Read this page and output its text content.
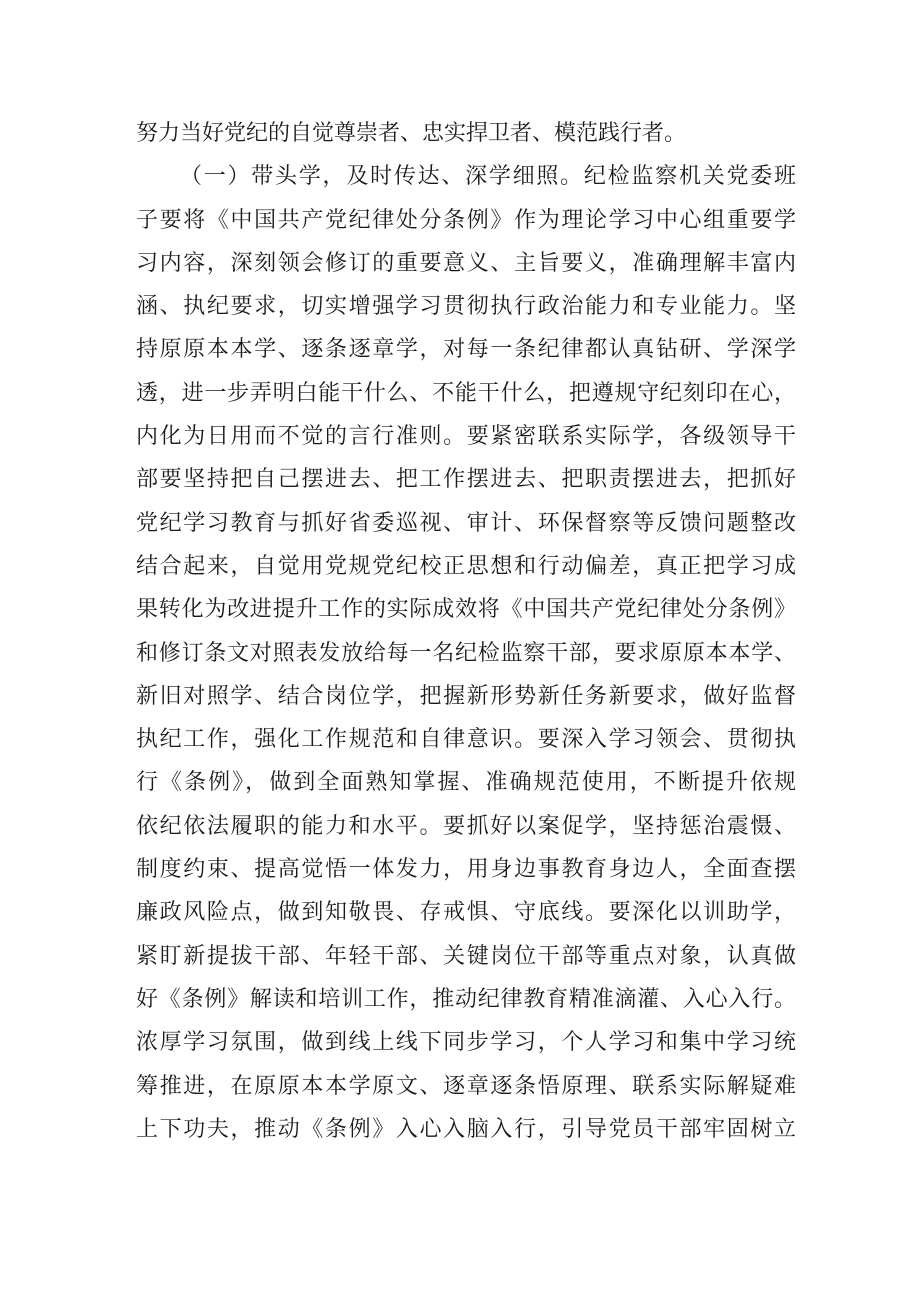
努力当好党纪的自觉尊崇者、忠实捍卫者、模范践行者。
（一）带头学，及时传达、深学细照。纪检监察机关党委班
子要将《中国共产党纪律处分条例》作为理论学习中心组重要学
习内容，深刻领会修订的重要意义、主旨要义，准确理解丰富内
涵、执纪要求，切实增强学习贯彻执行政治能力和专业能力。坚
持原原本本学、逐条逐章学，对每一条纪律都认真钻研、学深学
透，进一步弄明白能干什么、不能干什么，把遵规守纪刻印在心，
内化为日用而不觉的言行准则。要紧密联系实际学，各级领导干
部要坚持把自己摆进去、把工作摆进去、把职责摆进去，把抓好
党纪学习教育与抓好省委巡视、审计、环保督察等反馈问题整改
结合起来，自觉用党规党纪校正思想和行动偏差，真正把学习成
果转化为改进提升工作的实际成效将《中国共产党纪律处分条例》
和修订条文对照表发放给每一名纪检监察干部，要求原原本本学、
新旧对照学、结合岗位学，把握新形势新任务新要求，做好监督
执纪工作，强化工作规范和自律意识。要深入学习领会、贯彻执
行《条例》，做到全面熟知掌握、准确规范使用，不断提升依规
依纪依法履职的能力和水平。要抓好以案促学，坚持惩治震慑、
制度约束、提高觉悟一体发力，用身边事教育身边人，全面查摆
廉政风险点，做到知敬畏、存戒惧、守底线。要深化以训助学，
紧盯新提拔干部、年轻干部、关键岗位干部等重点对象，认真做
好《条例》解读和培训工作，推动纪律教育精准滴灌、入心入行。
浓厚学习氛围，做到线上线下同步学习，个人学习和集中学习统
筹推进，在原原本本学原文、逐章逐条悟原理、联系实际解疑难
上下功夫，推动《条例》入心入脑入行，引导党员干部牢固树立
